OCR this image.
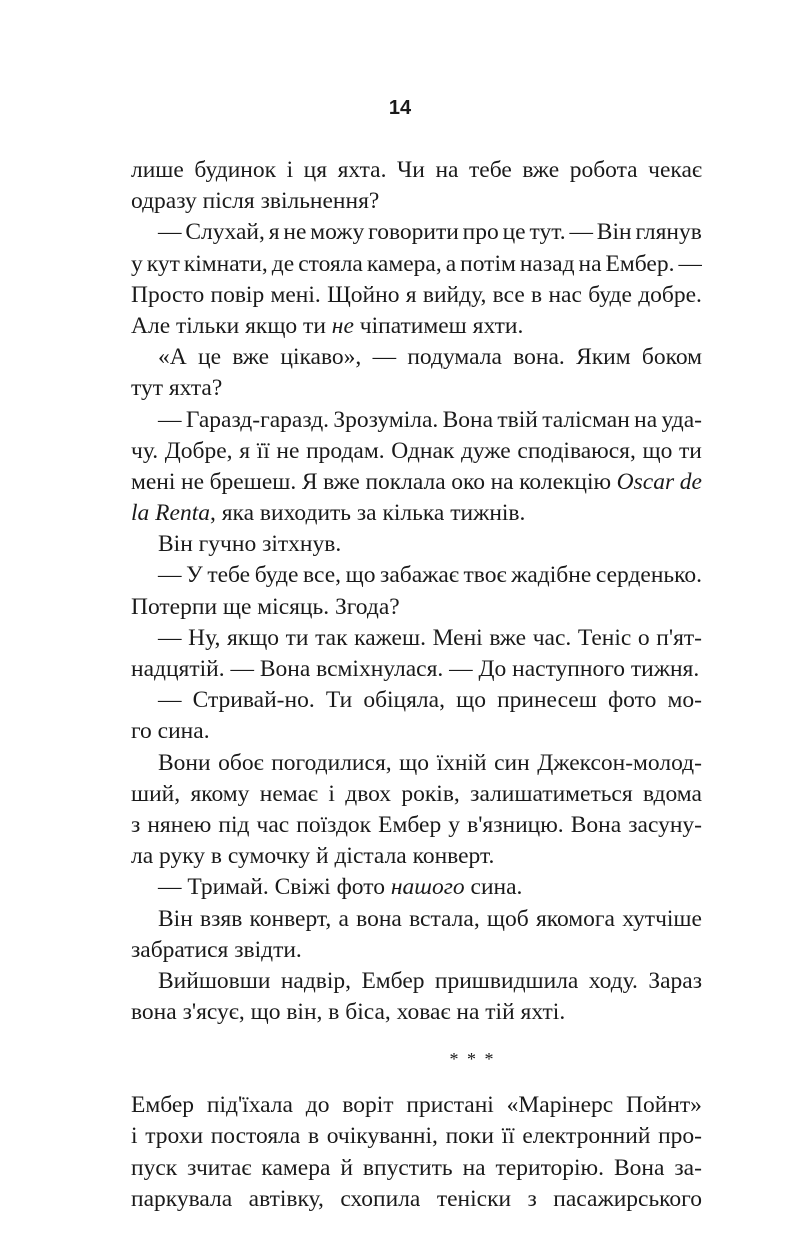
14
лише будинок і ця яхта. Чи на тебе вже робота чекає
одразу після звільнення?
— Слухай, я не можу говорити про це тут. — Він глянув
у кут кімнати, де стояла камера, а потім назад на Ембер. —
Просто повір мені. Щойно я вийду, все в нас буде добре.
Але тільки якщо ти не чіпатимеш яхти.
«А це вже цікаво», — подумала вона. Яким боком
тут яхта?
— Гаразд-гаразд. Зрозуміла. Вона твій талісман на уда-
чу. Добре, я її не продам. Однак дуже сподіваюся, що ти
мені не брешеш. Я вже поклала око на колекцію Oscar de
la Renta, яка виходить за кілька тижнів.
Він гучно зітхнув.
— У тебе буде все, що забажає твоє жадібне серденько.
Потерпи ще місяць. Згода?
— Ну, якщо ти так кажеш. Мені вже час. Теніс о п'ят-
надцятій. — Вона всміхнулася. — До наступного тижня.
— Стривай-но. Ти обіцяла, що принесеш фото мо-
го сина.
Вони обоє погодилися, що їхній син Джексон-молод-
ший, якому немає і двох років, залишатиметься вдома
з нянею під час поїздок Ембер у в'язницю. Вона засуну-
ла руку в сумочку й дістала конверт.
— Тримай. Свіжі фото нашого сина.
Він взяв конверт, а вона встала, щоб якомога хутчіше
забратися звідти.
Вийшовши надвір, Ембер пришвидшила ходу. Зараз
вона з'ясує, що він, в біса, ховає на тій яхті.
* * *
Ембер під'їхала до воріт пристані «Марінерс Пойнт»
і трохи постояла в очікуванні, поки її електронний про-
пуск зчитає камера й впустить на територію. Вона за-
паркувала автівку, схопила теніски з пасажирського
